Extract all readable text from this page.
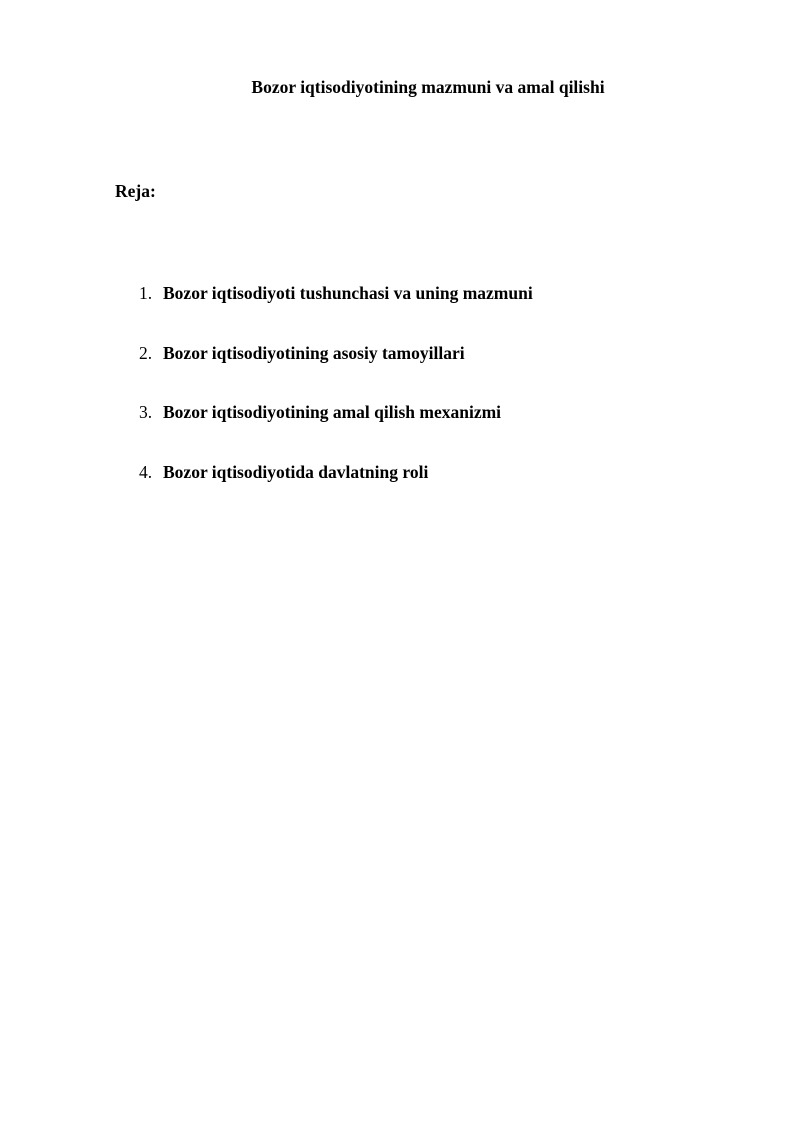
Bozor iqtisodiyotining mazmuni va amal qilishi
Reja:
1. Bozor iqtisodiyoti tushunchasi va uning mazmuni
2. Bozor iqtisodiyotining asosiy tamoyillari
3. Bozor iqtisodiyotining amal qilish mexanizmi
4. Bozor iqtisodiyotida davlatning roli
